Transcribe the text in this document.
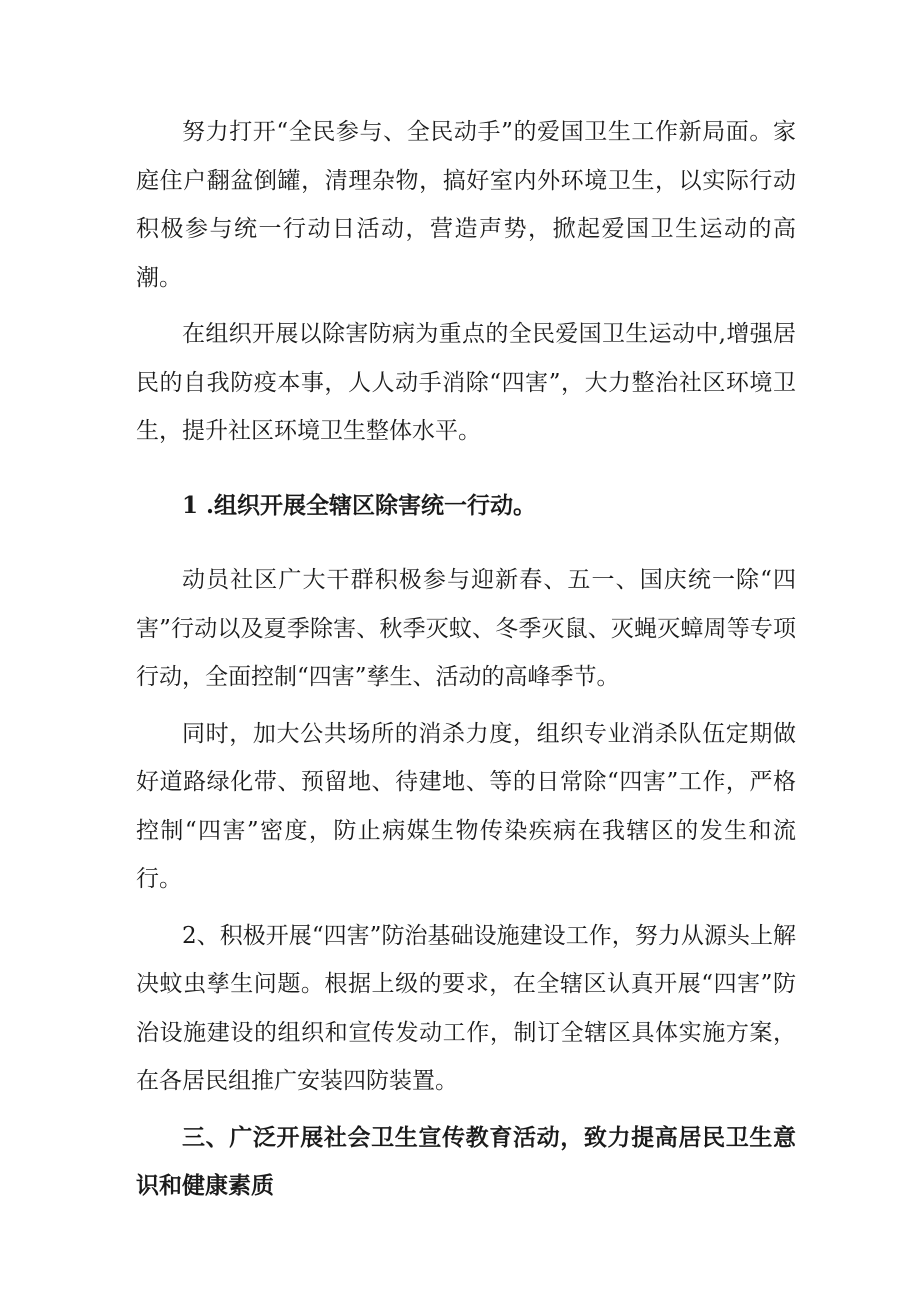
努力打开“全民参与、全民动手”的爱国卫生工作新局面。家庭住户翻盆倒罐，清理杂物，搞好室内外环境卫生，以实际行动积极参与统一行动日活动，营造声势，掀起爱国卫生运动的高潮。

在组织开展以除害防病为重点的全民爱国卫生运动中,增强居民的自我防疫本事，人人动手消除“四害”，大力整治社区环境卫生，提升社区环境卫生整体水平。

1 .组织开展全辖区除害统一行动。

动员社区广大干群积极参与迎新春、五一、国庆统一除“四害”行动以及夏季除害、秋季灭蚊、冬季灭鼠、灭蝇灭蟑周等专项行动，全面控制“四害”孳生、活动的高峰季节。

同时，加大公共场所的消杀力度，组织专业消杀队伍定期做好道路绿化带、预留地、待建地、等的日常除“四害”工作，严格控制“四害”密度，防止病媒生物传染疾病在我辖区的发生和流行。

2、积极开展“四害”防治基础设施建设工作，努力从源头上解决蚊虫孳生问题。根据上级的要求，在全辖区认真开展“四害”防治设施建设的组织和宣传发动工作，制订全辖区具体实施方案，在各居民组推广安装四防装置。

三、广泛开展社会卫生宣传教育活动，致力提高居民卫生意识和健康素质
